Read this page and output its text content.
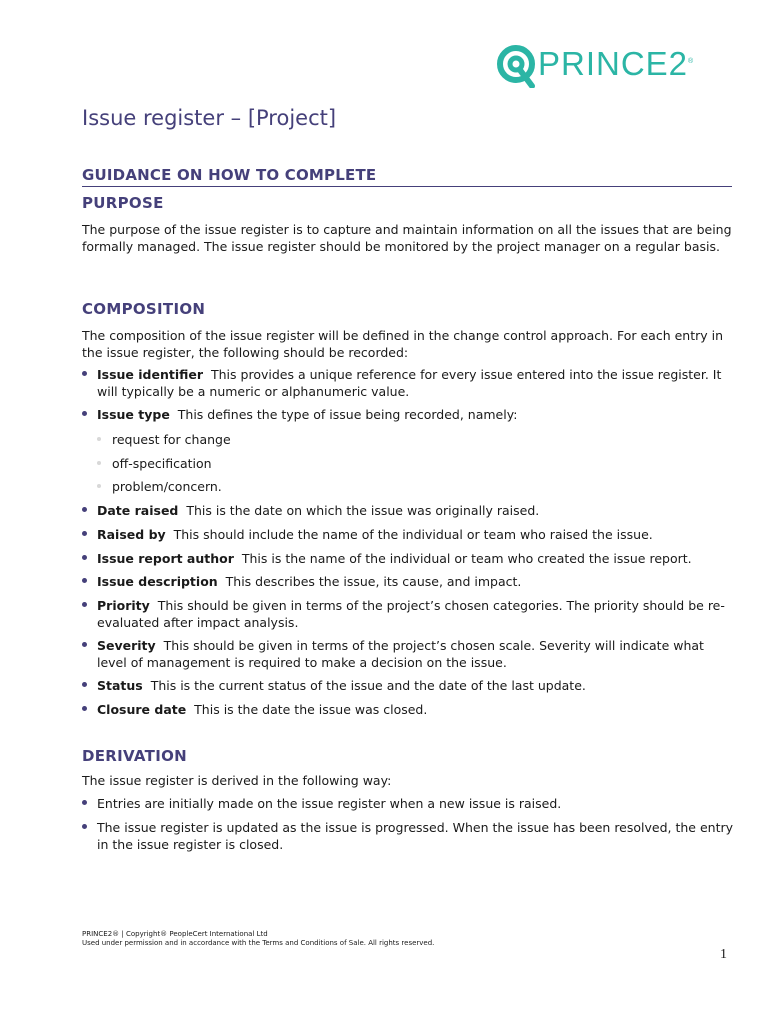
PRINCE2®
Issue register – [Project]
GUIDANCE ON HOW TO COMPLETE
PURPOSE

The purpose of the issue register is to capture and maintain information on all the issues that are being formally managed. The issue register should be monitored by the project manager on a regular basis.

COMPOSITION

The composition of the issue register will be defined in the change control approach. For each entry in the issue register, the following should be recorded:

Issue identifier This provides a unique reference for every issue entered into the issue register. It will typically be a numeric or alphanumeric value.

Issue type This defines the type of issue being recorded, namely:

request for change

off-specification

problem/concern.

Date raised This is the date on which the issue was originally raised.

Raised by This should include the name of the individual or team who raised the issue.

Issue report author This is the name of the individual or team who created the issue report.

Issue description This describes the issue, its cause, and impact.

Priority This should be given in terms of the project’s chosen categories. The priority should be re-evaluated after impact analysis.

Severity This should be given in terms of the project’s chosen scale. Severity will indicate what level of management is required to make a decision on the issue.

Status This is the current status of the issue and the date of the last update.

Closure date This is the date the issue was closed.

DERIVATION

The issue register is derived in the following way:

Entries are initially made on the issue register when a new issue is raised.

The issue register is updated as the issue is progressed. When the issue has been resolved, the entry in the issue register is closed.

PRINCE2® | Copyright® PeopleCert International Ltd
Used under permission and in accordance with the Terms and Conditions of Sale. All rights reserved.
1
